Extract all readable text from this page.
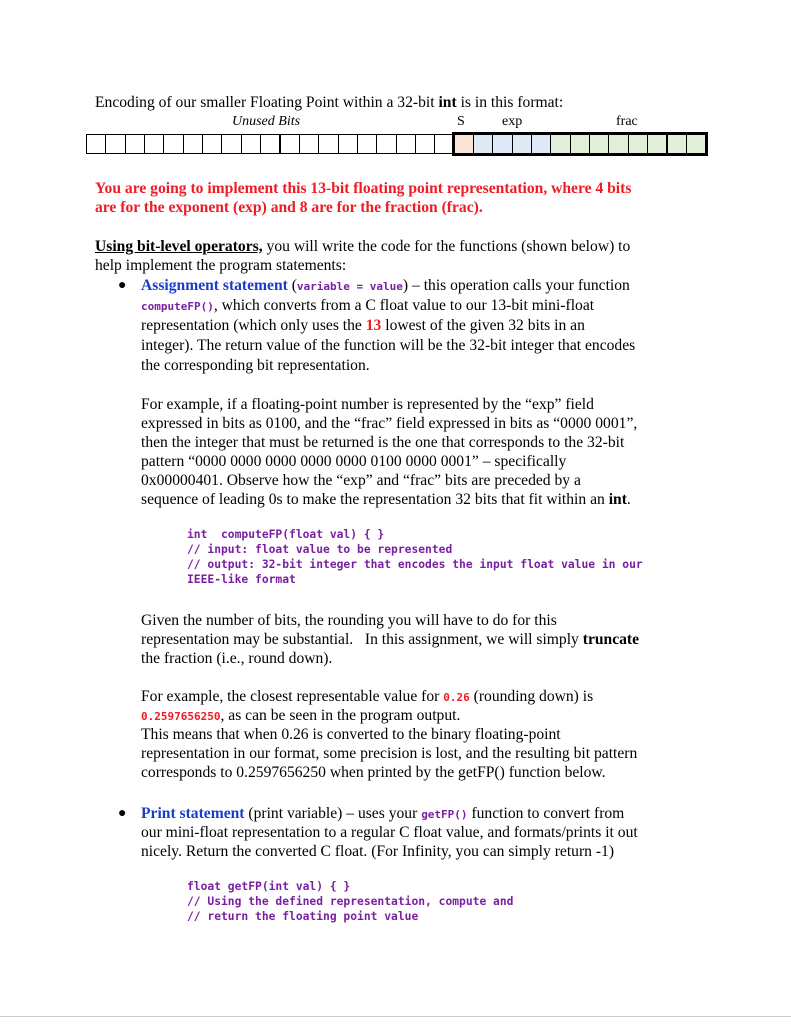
Encoding of our smaller Floating Point within a 32-bit int is in this format:
Unused Bits	S	exp	frac
You are going to implement this 13-bit floating point representation, where 4 bits
are for the exponent (exp) and 8 are for the fraction (frac).
Using bit-level operators, you will write the code for the functions (shown below) to
help implement the program statements:
● Assignment statement (variable = value) – this operation calls your function
computeFP(), which converts from a C float value to our 13-bit mini-float
representation (which only uses the 13 lowest of the given 32 bits in an
integer). The return value of the function will be the 32-bit integer that encodes
the corresponding bit representation.
For example, if a floating-point number is represented by the “exp” field
expressed in bits as 0100, and the “frac” field expressed in bits as “0000 0001”,
then the integer that must be returned is the one that corresponds to the 32-bit
pattern “0000 0000 0000 0000 0000 0100 0000 0001” – specifically
0x00000401. Observe how the “exp” and “frac” bits are preceded by a
sequence of leading 0s to make the representation 32 bits that fit within an int.
int  computeFP(float val) { }
// input: float value to be represented
// output: 32-bit integer that encodes the input float value in our
IEEE-like format
Given the number of bits, the rounding you will have to do for this
representation may be substantial.   In this assignment, we will simply truncate
the fraction (i.e., round down).
For example, the closest representable value for 0.26 (rounding down) is
0.2597656250, as can be seen in the program output.
This means that when 0.26 is converted to the binary floating-point
representation in our format, some precision is lost, and the resulting bit pattern
corresponds to 0.2597656250 when printed by the getFP() function below.
● Print statement (print variable) – uses your getFP() function to convert from
our mini-float representation to a regular C float value, and formats/prints it out
nicely. Return the converted C float. (For Infinity, you can simply return -1)
float getFP(int val) { }
// Using the defined representation, compute and
// return the floating point value
